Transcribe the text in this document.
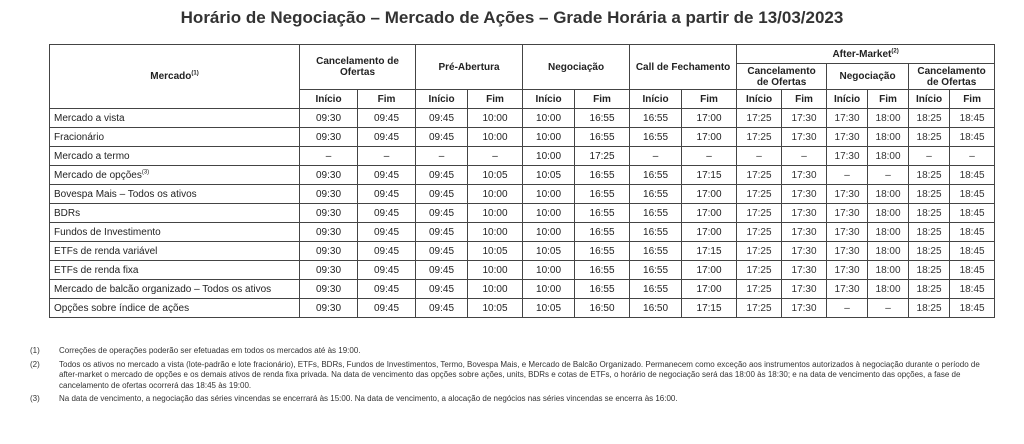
Horário de Negociação – Mercado de Ações – Grade Horária a partir de 13/03/2023
Mercado$^{(1)}$	Cancelamento de Ofertas		Pré-Abertura		Negociação		Call de Fechamento		After-Market$^{(2)}$
									Cancelamento de Ofertas		Negociação		Cancelamento de Ofertas	
	Início	Fim	Início	Fim	Início	Fim	Início	Fim	Início	Fim	Início	Fim	Início	Fim
Mercado a vista	09:30	09:45	09:45	10:00	10:00	16:55	16:55	17:00	17:25	17:30	17:30	18:00	18:25	18:45
Fracionário	09:30	09:45	09:45	10:00	10:00	16:55	16:55	17:00	17:25	17:30	17:30	18:00	18:25	18:45
Mercado a termo	–	–	–	–	10:00	17:25	–	–	–	–	17:30	18:00	–	–
Mercado de opções$^{(3)}$	09:30	09:45	09:45	10:05	10:05	16:55	16:55	17:15	17:25	17:30	–	–	18:25	18:45
Bovespa Mais – Todos os ativos	09:30	09:45	09:45	10:00	10:00	16:55	16:55	17:00	17:25	17:30	17:30	18:00	18:25	18:45
BDRs	09:30	09:45	09:45	10:00	10:00	16:55	16:55	17:00	17:25	17:30	17:30	18:00	18:25	18:45
Fundos de Investimento	09:30	09:45	09:45	10:00	10:00	16:55	16:55	17:00	17:25	17:30	17:30	18:00	18:25	18:45
ETFs de renda variável	09:30	09:45	09:45	10:05	10:05	16:55	16:55	17:15	17:25	17:30	17:30	18:00	18:25	18:45
ETFs de renda fixa	09:30	09:45	09:45	10:00	10:00	16:55	16:55	17:00	17:25	17:30	17:30	18:00	18:25	18:45
Mercado de balcão organizado – Todos os ativos	09:30	09:45	09:45	10:00	10:00	16:55	16:55	17:00	17:25	17:30	17:30	18:00	18:25	18:45
Opções sobre índice de ações	09:30	09:45	09:45	10:05	10:05	16:50	16:50	17:15	17:25	17:30	–	–	18:25	18:45
(1)	Correções de operações poderão ser efetuadas em todos os mercados até às 19:00.
(2)	Todos os ativos no mercado a vista (lote-padrão e lote fracionário), ETFs, BDRs, Fundos de Investimentos, Termo, Bovespa Mais, e Mercado de Balcão Organizado. Permanecem como exceção aos instrumentos autorizados à negociação durante o período de after-market o mercado de opções e os demais ativos de renda fixa privada. Na data de vencimento das opções sobre ações, units, BDRs e cotas de ETFs, o horário de negociação será das 18:00 às 18:30; e na data de vencimento das opções, a fase de cancelamento de ofertas ocorrerá das 18:45 às 19:00.
(3)	Na data de vencimento, a negociação das séries vincendas se encerrará às 15:00. Na data de vencimento, a alocação de negócios nas séries vincendas se encerra às 16:00.
